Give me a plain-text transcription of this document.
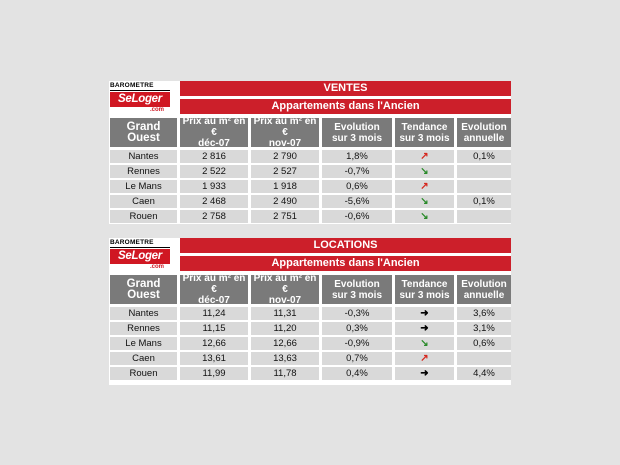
BAROMETRE
SeLoger
.com
VENTES
Appartements dans l'Ancien
Grand Ouest
Prix au m² en €
déc-07
Prix au m² en €
nov-07
Evolution
sur 3 mois
Tendance
sur 3 mois
Evolution
annuelle
Nantes	2 816	2 790	1,8%	↗	0,1%
Rennes	2 522	2 527	-0,7%	↘
Le Mans	1 933	1 918	0,6%	↗
Caen	2 468	2 490	-5,6%	↘	0,1%
Rouen	2 758	2 751	-0,6%	↘
BAROMETRE
SeLoger
.com
LOCATIONS
Appartements dans l'Ancien
Grand Ouest
Prix au m² en €
déc-07
Prix au m² en €
nov-07
Evolution
sur 3 mois
Tendance
sur 3 mois
Evolution
annuelle
Nantes	11,24	11,31	-0,3%	➜	3,6%
Rennes	11,15	11,20	0,3%	➜	3,1%
Le Mans	12,66	12,66	-0,9%	↘	0,6%
Caen	13,61	13,63	0,7%	↗
Rouen	11,99	11,78	0,4%	➜	4,4%
